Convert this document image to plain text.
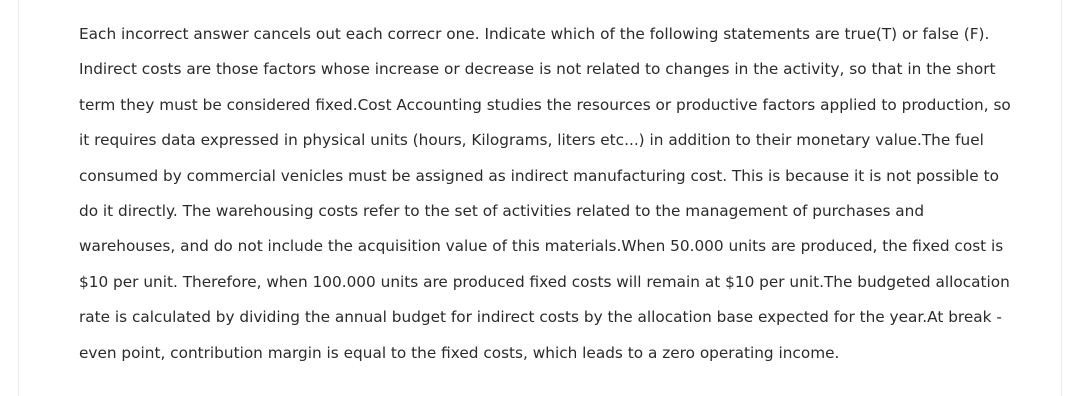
Each incorrect answer cancels out each correcr one. Indicate which of the following statements are true(T) or false (F).
Indirect costs are those factors whose increase or decrease is not related to changes in the activity, so that in the short
term they must be considered fixed.Cost Accounting studies the resources or productive factors applied to production, so
it requires data expressed in physical units (hours, Kilograms, liters etc...) in addition to their monetary value.The fuel
consumed by commercial venicles must be assigned as indirect manufacturing cost. This is because it is not possible to
do it directly. The warehousing costs refer to the set of activities related to the management of purchases and
warehouses, and do not include the acquisition value of this materials.When 50.000 units are produced, the fixed cost is
$10 per unit. Therefore, when 100.000 units are produced fixed costs will remain at $10 per unit.The budgeted allocation
rate is calculated by dividing the annual budget for indirect costs by the allocation base expected for the year.At break -
even point, contribution margin is equal to the fixed costs, which leads to a zero operating income.
